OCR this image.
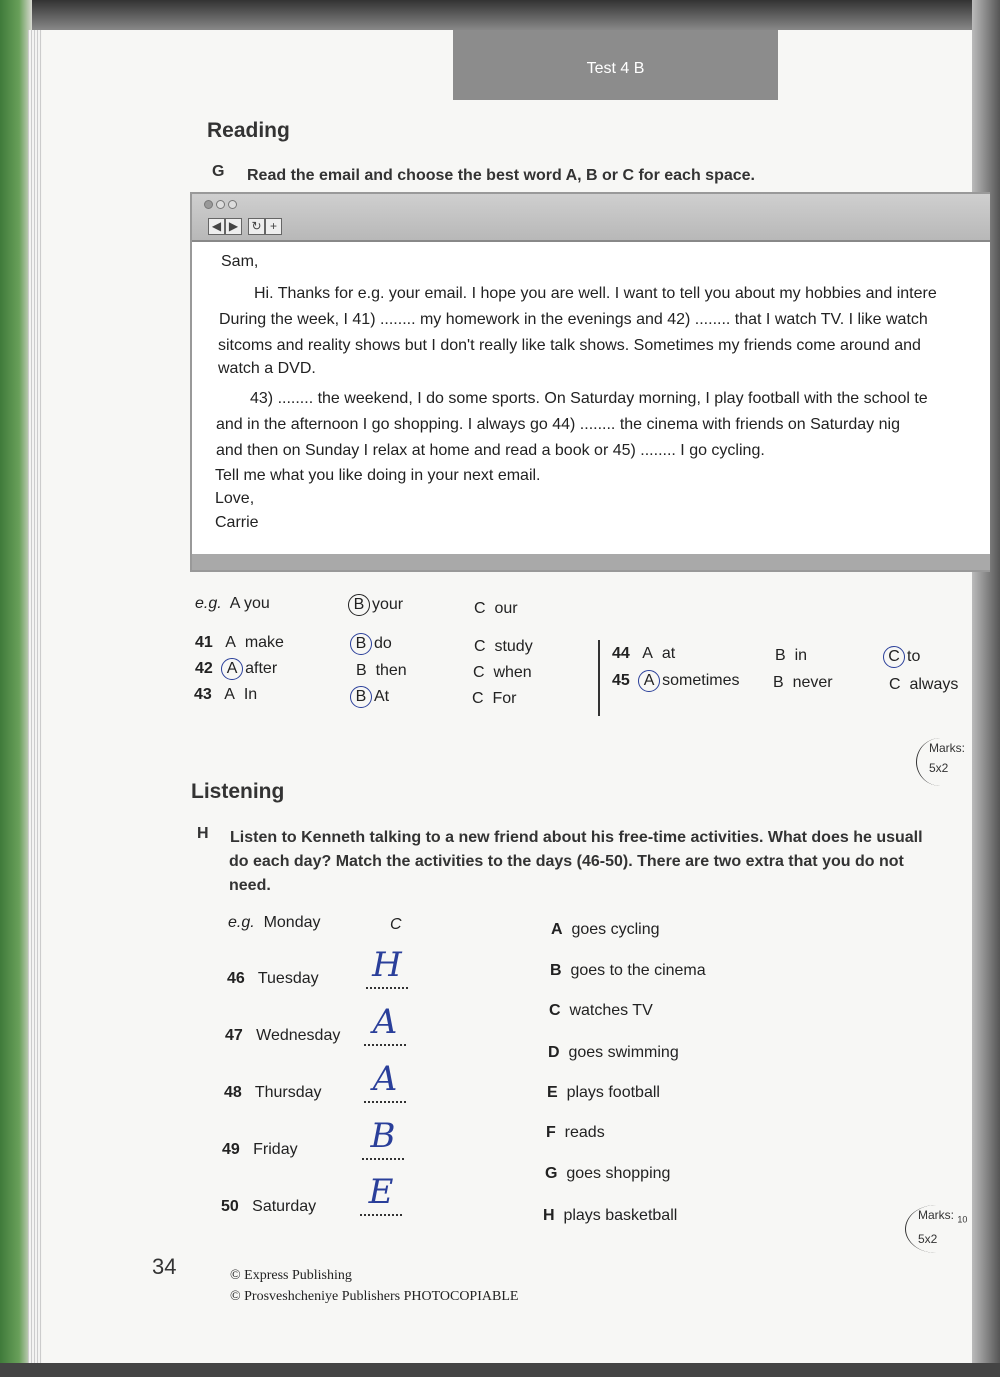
Test 4 B
Reading
G Read the email and choose the best word A, B or C for each space.
◀ ▶	↻ +
Sam,
Hi. Thanks for e.g. your email. I hope you are well. I want to tell you about my hobbies and intere
During the week, I 41) ........ my homework in the evenings and 42) ........ that I watch TV. I like watch
sitcoms and reality shows but I don't really like talk shows. Sometimes my friends come around and
watch a DVD.
43) ........ the weekend, I do some sports. On Saturday morning, I play football with the school te
and in the afternoon I go shopping. I always go 44) ........ the cinema with friends on Saturday nig
and then on Sunday I relax at home and read a book or 45) ........ I go cycling.
Tell me what you like doing in your next email.
Love,
Carrie
e.g.  A you	B your	C  our
41   A  make	B do	C  study
42 A after	B  then	C  when
43   A  In	B At	C  For
44   A  at	B  in	C to
45 A sometimes B  never	C  always
Marks:
5x2
Listening
H Listen to Kenneth talking to a new friend about his free-time activities. What does he usuall
do each day? Match the activities to the days (46-50). There are two extra that you do not
need.
e.g. Monday	C
46 Tuesday H
47 Wednesday A
48 Thursday A
49 Friday B
50 Saturday E
A goes cycling
B goes to the cinema
C watches TV
D goes swimming
E plays football
F reads
G goes shopping
H plays basketball	Marks: $_{10}$
5x2
34	© Express Publishing
© Prosveshcheniye Publishers PHOTOCOPIABLE
